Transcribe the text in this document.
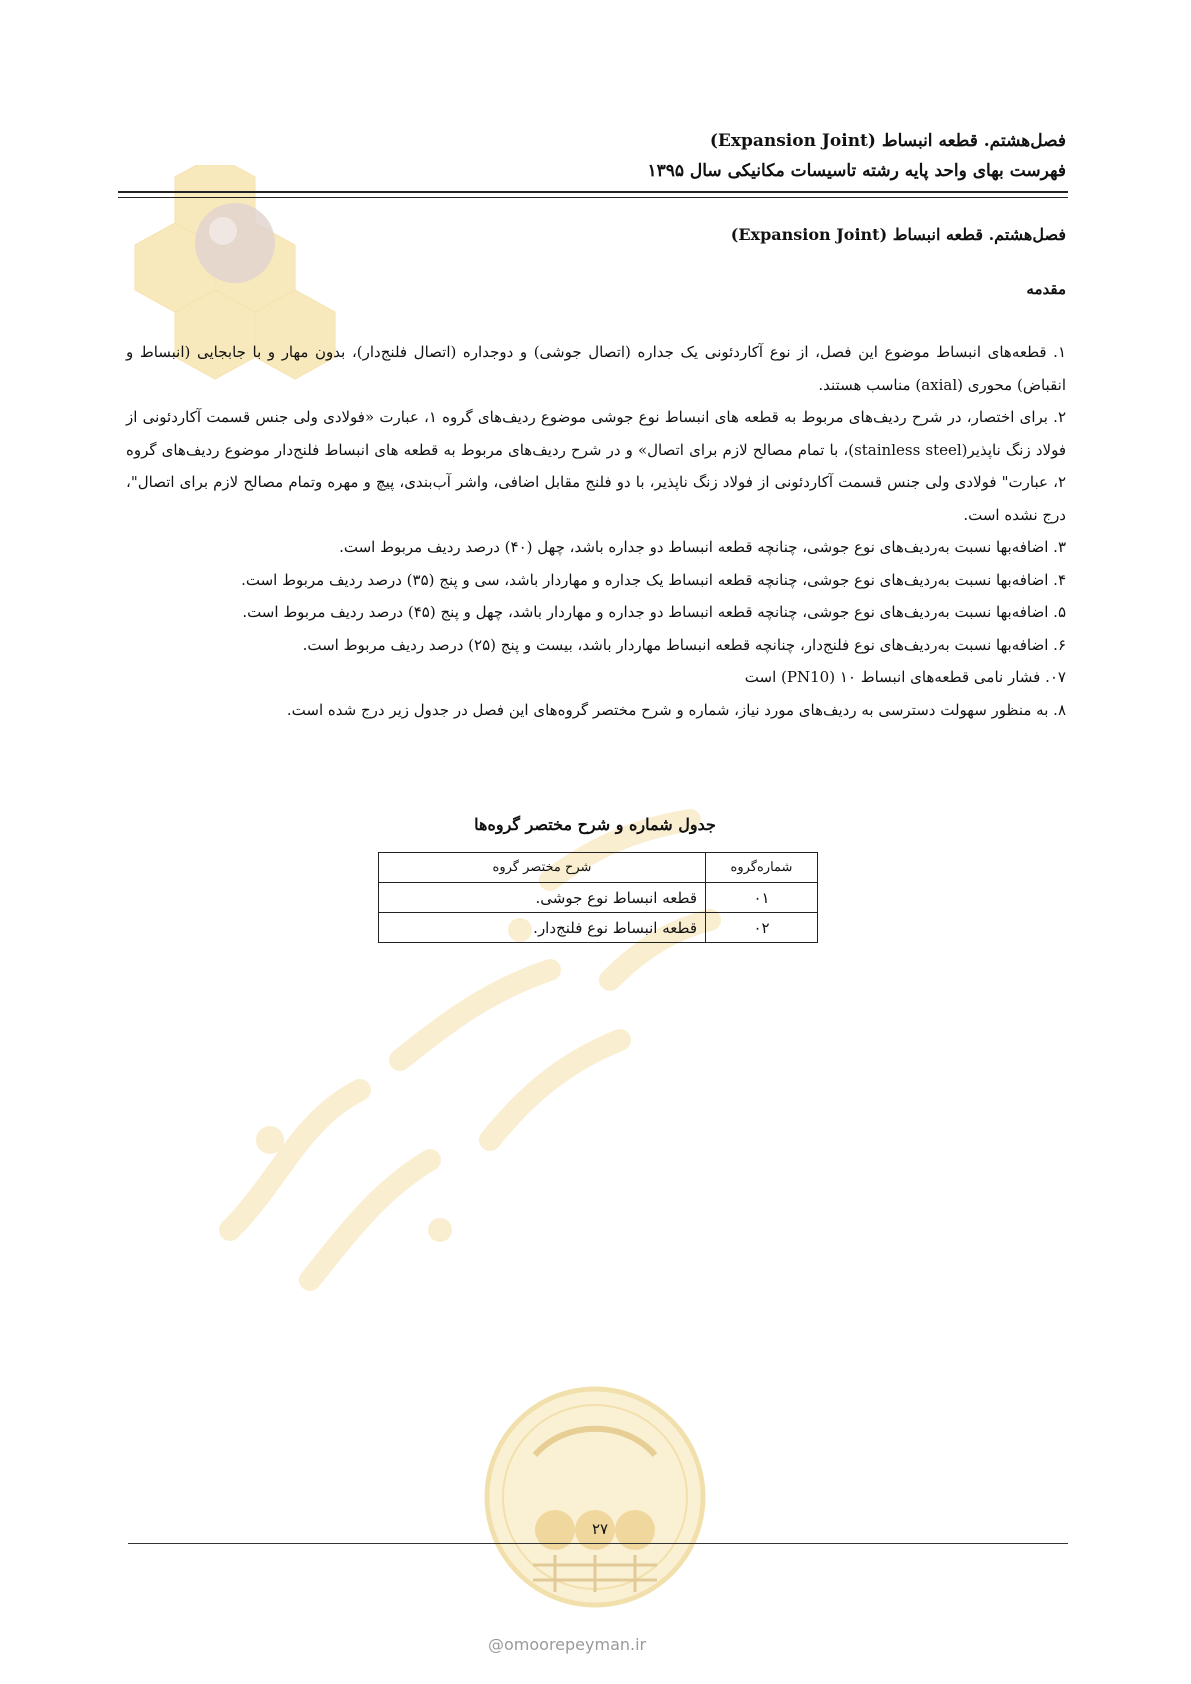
فصل‌هشتم. قطعه انبساط (Expansion Joint)
فهرست بهای واحد پایه رشته تاسیسات مکانیکی سال ۱۳۹۵
فصل‌هشتم. قطعه انبساط (Expansion Joint)
مقدمه

۱. قطعه‌های انبساط موضوع این فصل، از نوع آکاردئونی یک جداره (اتصال جوشی) و دوجداره (اتصال فلنج‌دار)، بدون مهار و با جابجایی (انبساط و انقباض) محوری (axial) مناسب هستند.

۲. برای اختصار، در شرح ردیف‌های مربوط به قطعه های انبساط نوع جوشی موضوع ردیف‌های گروه ۱، عبارت «فولادی ولی جنس قسمت آکاردئونی از فولاد زنگ ناپذیر(stainless steel)، با تمام مصالح لازم برای اتصال» و در شرح ردیف‌های مربوط به قطعه های انبساط فلنج‌دار موضوع ردیف‌های گروه ۲، عبارت" فولادی ولی جنس قسمت آکاردئونی از فولاد زنگ ناپذیر، با دو فلنج مقابل اضافی، واشر آب‌بندی، پیچ و مهره وتمام مصالح لازم برای اتصال"، درج نشده است.

۳. اضافه‌بها نسبت به‌ردیف‌های نوع جوشی، چنانچه قطعه انبساط دو جداره باشد، چهل (۴۰) درصد ردیف مربوط است.

۴. اضافه‌بها نسبت به‌ردیف‌های نوع جوشی، چنانچه قطعه انبساط یک جداره و مهاردار باشد، سی و پنج (۳۵) درصد ردیف مربوط است.

۵. اضافه‌بها نسبت به‌ردیف‌های نوع جوشی، چنانچه قطعه انبساط دو جداره و مهاردار باشد، چهل و پنج (۴۵) درصد ردیف مربوط است.

۶. اضافه‌بها نسبت به‌ردیف‌های نوع فلنج‌دار، چنانچه قطعه انبساط مهاردار باشد، بیست و پنج (۲۵) درصد ردیف مربوط است.

۰۷. فشار نامی قطعه‌های انبساط ۱۰ (PN10) است

۸. به منظور سهولت دسترسی به ردیف‌های مورد نیاز، شماره و شرح مختصر گروه‌های این فصل در جدول زیر درج شده است.

جدول شماره و شرح مختصر گروه‌ها
شماره‌گروه	شرح مختصر گروه
۰۱	قطعه انبساط نوع جوشی.
۰۲	قطعه انبساط نوع فلنج‌دار.
۲۷
@omoorepeyman.ir
